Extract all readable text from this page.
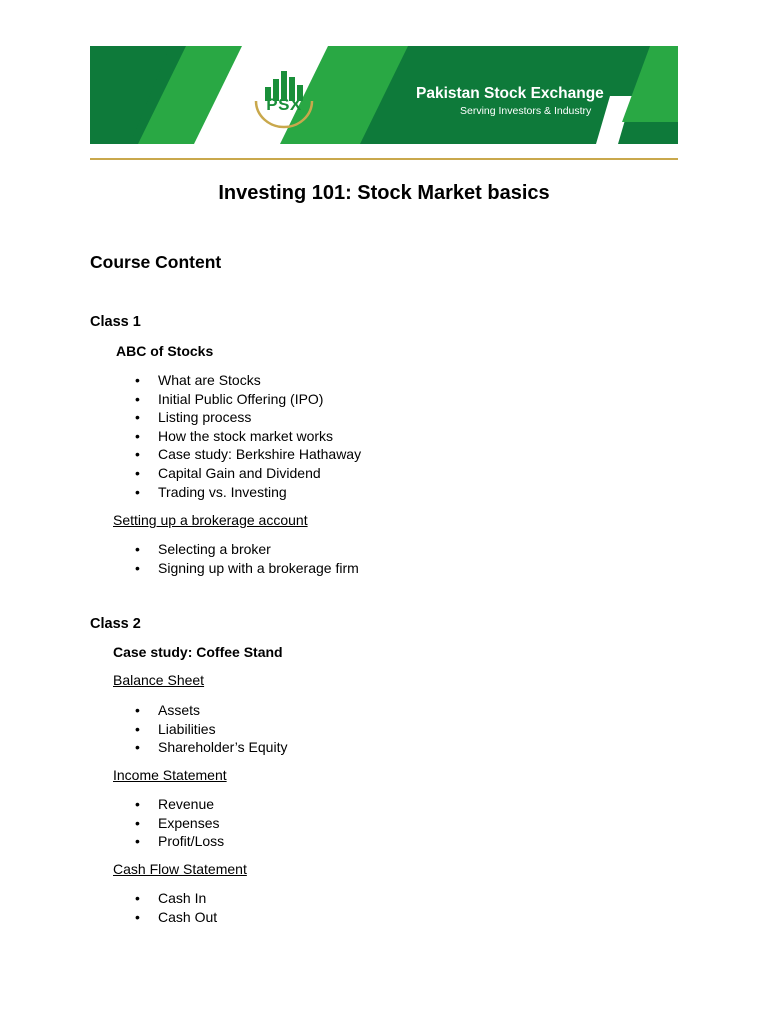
PSX
Pakistan Stock Exchange
Serving Investors & Industry
Investing 101: Stock Market basics
Course Content
Class 1
ABC of Stocks
• What are Stocks
• Initial Public Offering (IPO)
• Listing process
• How the stock market works
• Case study: Berkshire Hathaway
• Capital Gain and Dividend
• Trading vs. Investing
Setting up a brokerage account
• Selecting a broker
• Signing up with a brokerage firm
Class 2
Case study: Coffee Stand
Balance Sheet
• Assets
• Liabilities
• Shareholder’s Equity
Income Statement
• Revenue
• Expenses
• Profit/Loss
Cash Flow Statement
• Cash In
• Cash Out
